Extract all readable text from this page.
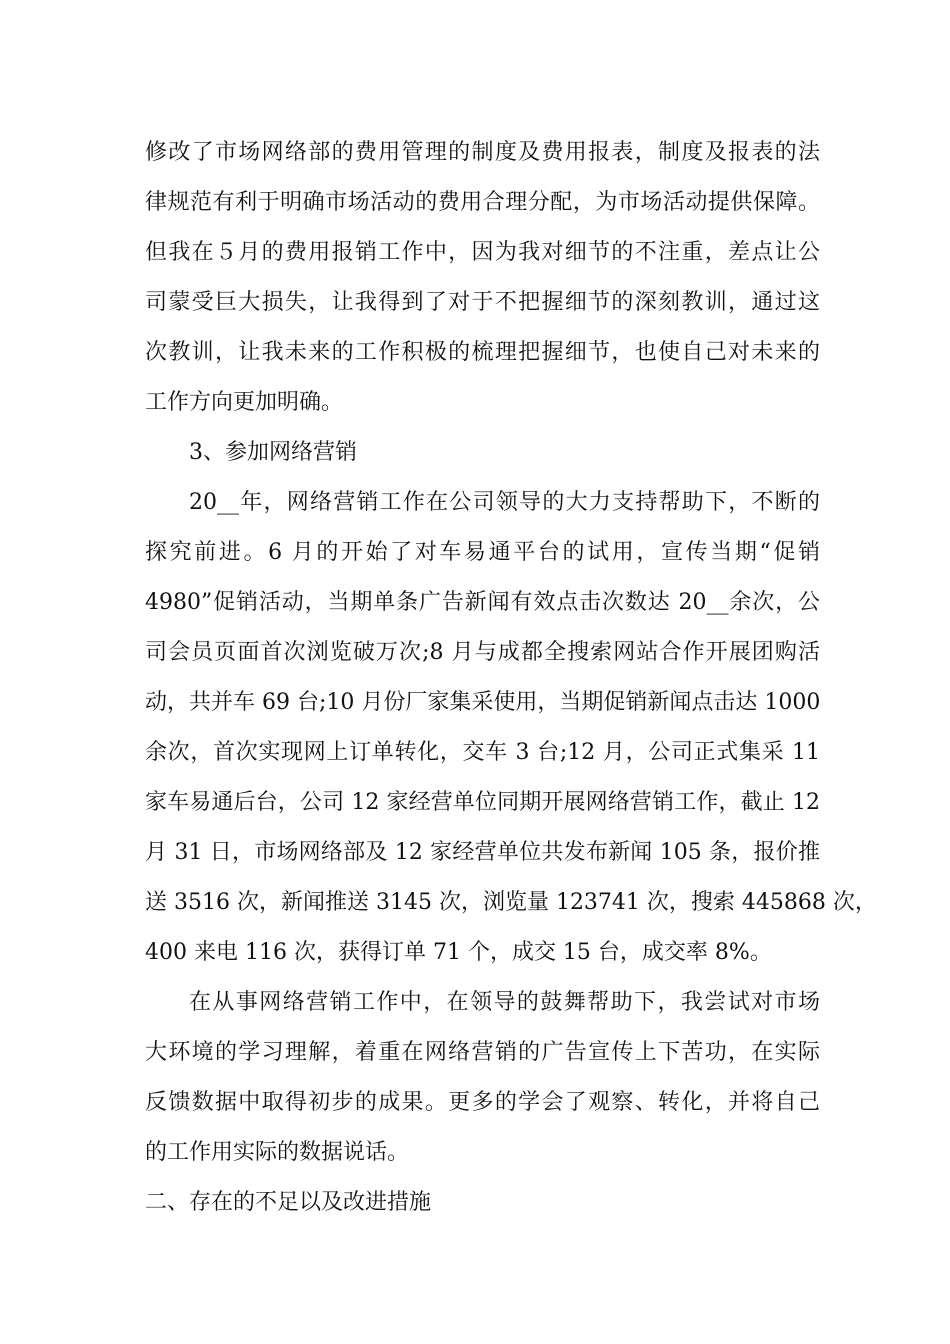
修改了市场网络部的费用管理的制度及费用报表，制度及报表的法
律规范有利于明确市场活动的费用合理分配，为市场活动提供保障。
但我在５月的费用报销工作中，因为我对细节的不注重，差点让公
司蒙受巨大损失，让我得到了对于不把握细节的深刻教训，通过这
次教训，让我未来的工作积极的梳理把握细节，也使自己对未来的
工作方向更加明确。
3、参加网络营销
20__年，网络营销工作在公司领导的大力支持帮助下，不断的
探究前进。6 月的开始了对车易通平台的试用，宣传当期“促销
4980”促销活动，当期单条广告新闻有效点击次数达 20__余次，公
司会员页面首次浏览破万次;8 月与成都全搜索网站合作开展团购活
动，共并车 69 台;10 月份厂家集采使用，当期促销新闻点击达 1000
余次，首次实现网上订单转化，交车 3 台;12 月，公司正式集采 11
家车易通后台，公司 12 家经营单位同期开展网络营销工作，截止 12
月 31 日，市场网络部及 12 家经营单位共发布新闻 105 条，报价推
送 3516 次，新闻推送 3145 次，浏览量 123741 次，搜索 445868 次，
400 来电 116 次，获得订单 71 个，成交 15 台，成交率 8%。
在从事网络营销工作中，在领导的鼓舞帮助下，我尝试对市场
大环境的学习理解，着重在网络营销的广告宣传上下苦功，在实际
反馈数据中取得初步的成果。更多的学会了观察、转化，并将自己
的工作用实际的数据说话。
二、存在的不足以及改进措施
